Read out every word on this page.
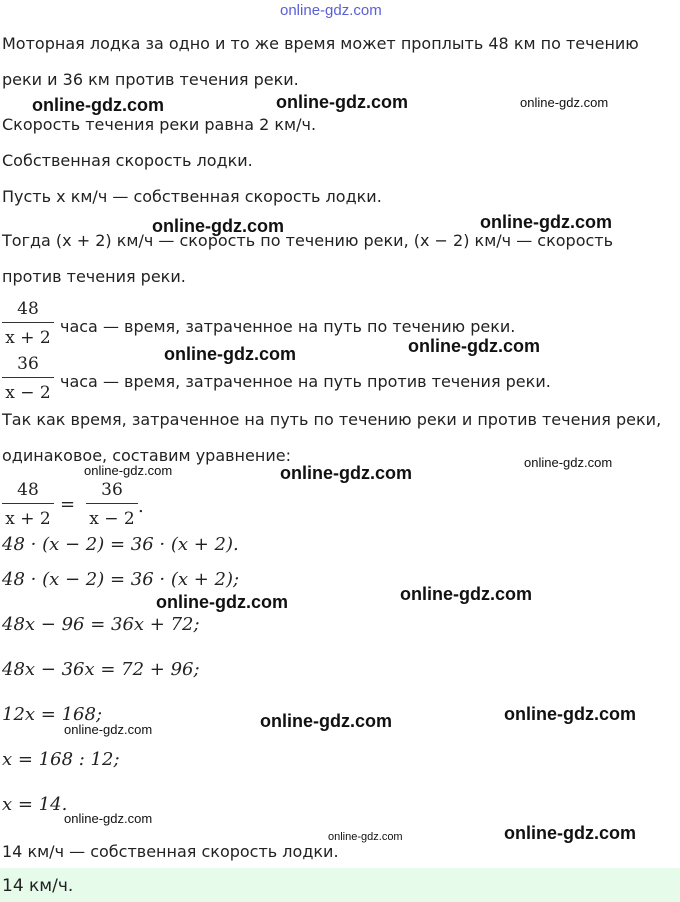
online-gdz.com
Моторная лодка за одно и то же время может проплыть 48 км по течению
реки и 36 км против течения реки.
Скорость течения реки равна 2 км/ч.
Собственная скорость лодки.
Пусть x км/ч — собственная скорость лодки.
Тогда (x + 2) км/ч — скорость по течению реки, (x − 2) км/ч — скорость
против течения реки.
48
x + 2
часа — время, затраченное на путь по течению реки.
36
x − 2
часа — время, затраченное на путь против течения реки.
Так как время, затраченное на путь по течению реки и против течения реки,
одинаковое, составим уравнение:
48
x + 2
=
36
x − 2
.
48 · (x − 2) = 36 · (x + 2).
48 · (x − 2) = 36 · (x + 2);
48x − 96 = 36x + 72;
48x − 36x = 72 + 96;
12x = 168;
x = 168 : 12;
x = 14.
14 км/ч — собственная скорость лодки.
14 км/ч.
online-gdz.com	online-gdz.com	online-gdz.com
online-gdz.com	online-gdz.com
online-gdz.com	online-gdz.com
online-gdz.com	online-gdz.com
online-gdz.com
online-gdz.com	online-gdz.com
online-gdz.com	online-gdz.com
online-gdz.com
online-gdz.com
online-gdz.com	online-gdz.com
